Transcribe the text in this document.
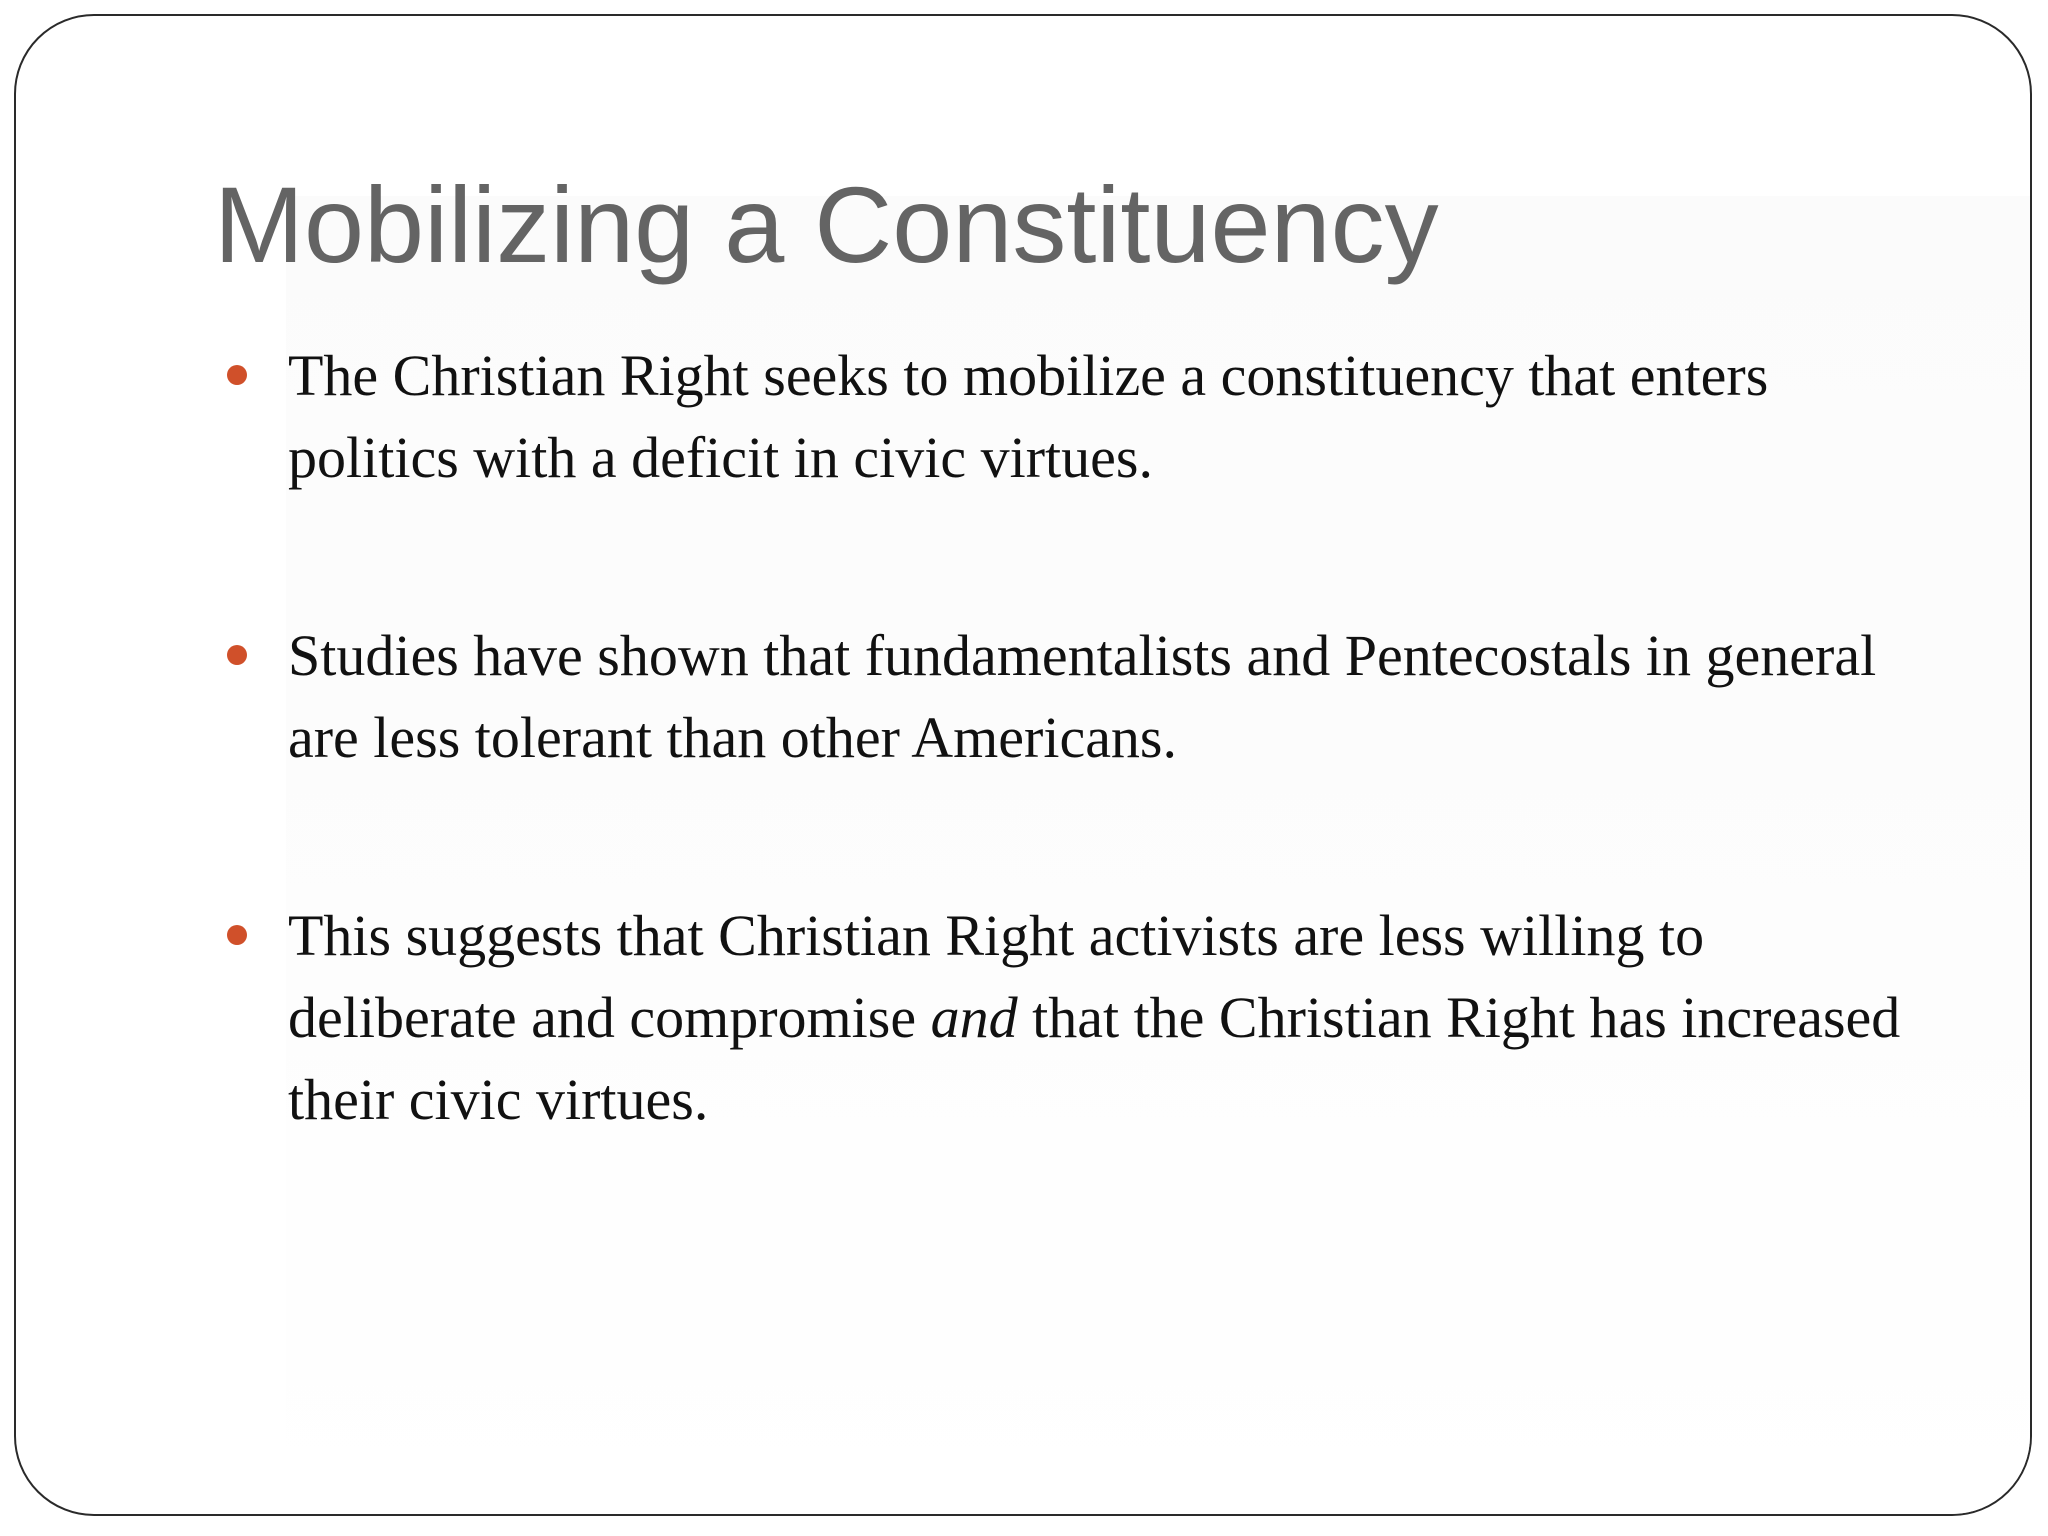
Mobilizing a Constituency
The Christian Right seeks to mobilize a constituency that enters politics with a deficit in civic virtues.
Studies have shown that fundamentalists and Pentecostals in general are less tolerant than other Americans.
This suggests that Christian Right activists are less willing to deliberate and compromise and that the Christian Right has increased their civic virtues.
